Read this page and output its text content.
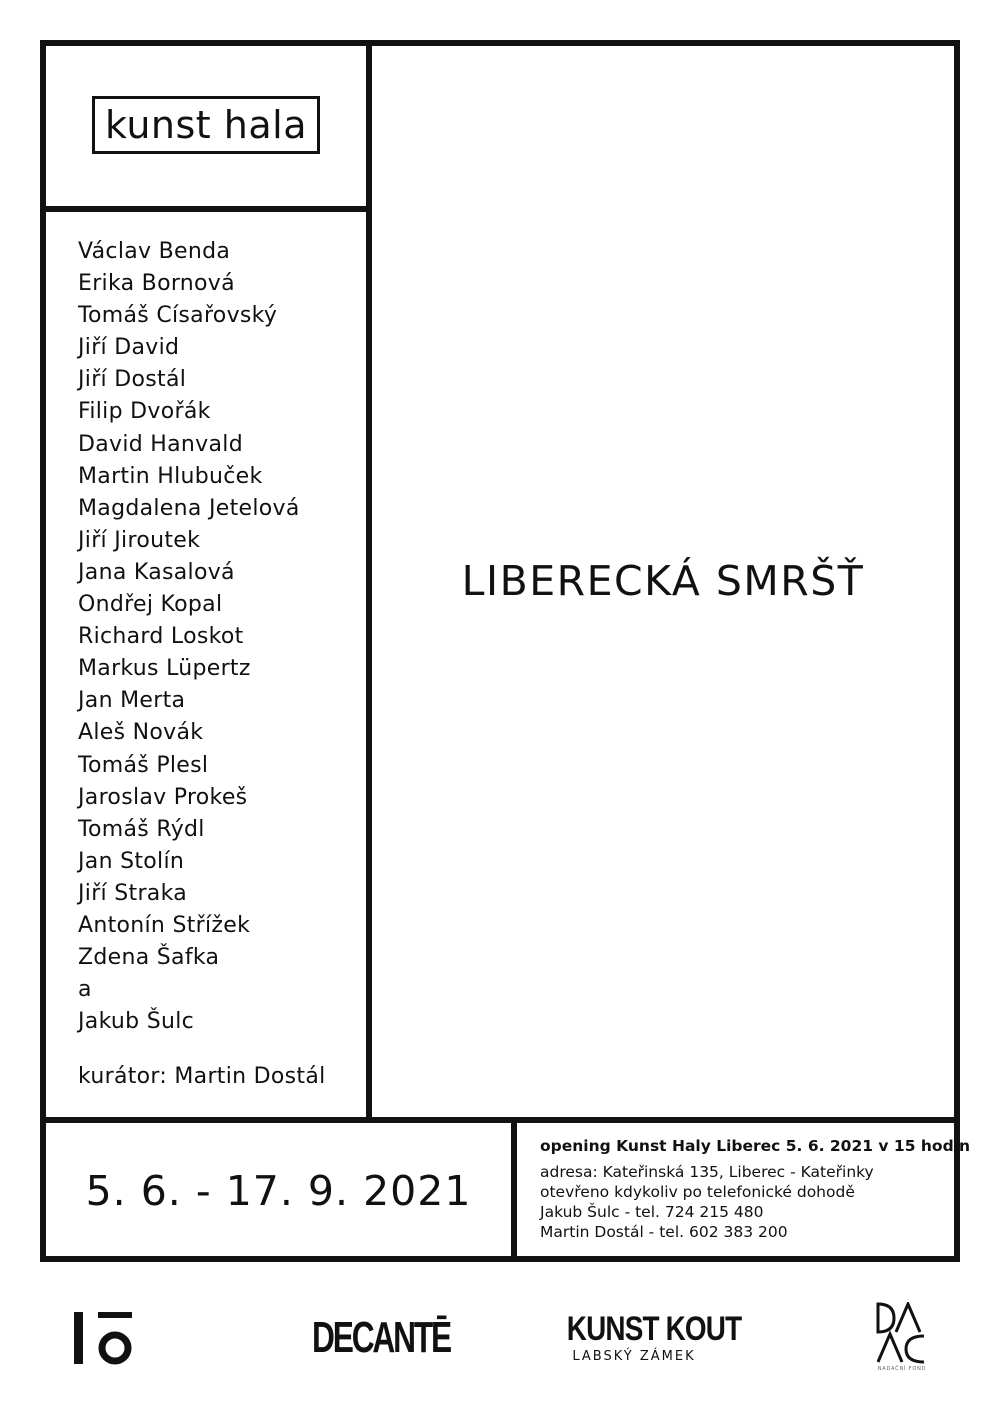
kunst hala
Václav Benda
Erika Bornová
Tomáš Císařovský
Jiří David
Jiří Dostál
Filip Dvořák
David Hanvald
Martin Hlubuček
Magdalena Jetelová
Jiří Jiroutek
Jana Kasalová
Ondřej Kopal
Richard Loskot
Markus Lüpertz
Jan Merta
Aleš Novák
Tomáš Plesl
Jaroslav Prokeš
Tomáš Rýdl
Jan Stolín
Jiří Straka
Antonín Střížek
Zdena Šafka
a
Jakub Šulc
kurátor: Martin Dostál
LIBERECKÁ SMRŠŤ
5. 6. - 17. 9. 2021
opening Kunst Haly Liberec 5. 6. 2021 v 15 hodin
adresa: Kateřinská 135, Liberec - Kateřinky
otevřeno kdykoliv po telefonické dohodě
Jakub Šulc - tel. 724 215 480
Martin Dostál - tel. 602 383 200
DECANTĒ	KUNST KOUT
LABSKÝ ZÁMEK
NADAČNÍ FOND
